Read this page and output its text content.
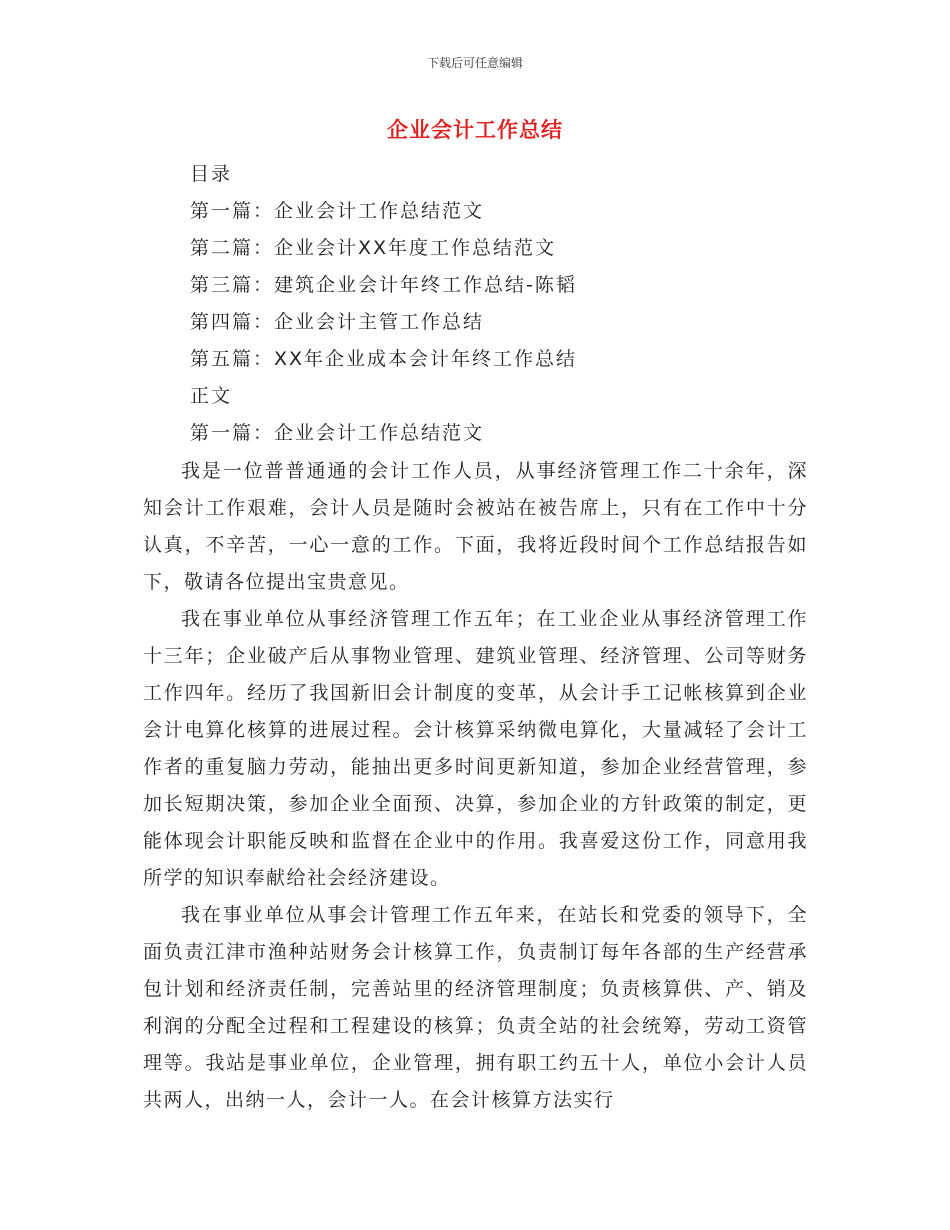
下载后可任意编辑
企业会计工作总结
目录
第一篇：企业会计工作总结范文
第二篇：企业会计XX年度工作总结范文
第三篇：建筑企业会计年终工作总结-陈韬
第四篇：企业会计主管工作总结
第五篇：XX年企业成本会计年终工作总结
正文
第一篇：企业会计工作总结范文

我是一位普普通通的会计工作人员，从事经济管理工作二十余年，深知会计工作艰难，会计人员是随时会被站在被告席上，只有在工作中十分认真，不辛苦，一心一意的工作。下面，我将近段时间个工作总结报告如下，敬请各位提出宝贵意见。

我在事业单位从事经济管理工作五年；在工业企业从事经济管理工作十三年；企业破产后从事物业管理、建筑业管理、经济管理、公司等财务工作四年。经历了我国新旧会计制度的变革，从会计手工记帐核算到企业会计电算化核算的进展过程。会计核算采纳微电算化，大量减轻了会计工作者的重复脑力劳动，能抽出更多时间更新知道，参加企业经营管理，参加长短期决策，参加企业全面预、决算，参加企业的方针政策的制定，更能体现会计职能反映和监督在企业中的作用。我喜爱这份工作，同意用我所学的知识奉献给社会经济建设。

我在事业单位从事会计管理工作五年来，在站长和党委的领导下，全面负责江津市渔种站财务会计核算工作，负责制订每年各部的生产经营承包计划和经济责任制，完善站里的经济管理制度；负责核算供、产、销及利润的分配全过程和工程建设的核算；负责全站的社会统筹，劳动工资管理等。我站是事业单位，企业管理，拥有职工约五十人，单位小会计人员共两人，出纳一人，会计一人。在会计核算方法实行
